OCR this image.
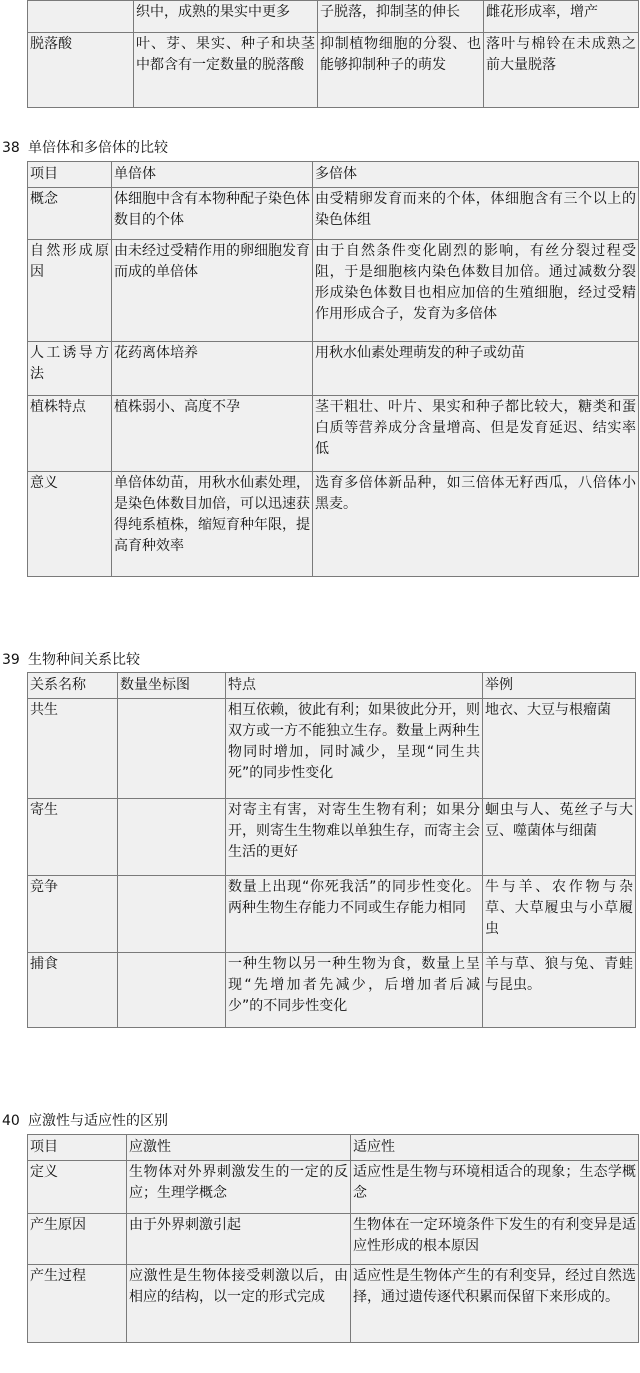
	织中，成熟的果实中更多	子脱落，抑制茎的伸长	雌花形成率，增产
脱落酸	叶、芽、果实、种子和块茎中都含有一定数量的脱落酸	抑制植物细胞的分裂、也能够抑制种子的萌发	落叶与棉铃在未成熟之前大量脱落
38 单倍体和多倍体的比较
项目	单倍体	多倍体
概念	体细胞中含有本物种配子染色体数目的个体	由受精卵发育而来的个体，体细胞含有三个以上的染色体组
自然形成原因	由未经过受精作用的卵细胞发育而成的单倍体	由于自然条件变化剧烈的影响，有丝分裂过程受阻，于是细胞核内染色体数目加倍。通过减数分裂形成染色体数目也相应加倍的生殖细胞，经过受精作用形成合子，发育为多倍体
人工诱导方法	花药离体培养	用秋水仙素处理萌发的种子或幼苗
植株特点	植株弱小、高度不孕	茎干粗壮、叶片、果实和种子都比较大，糖类和蛋白质等营养成分含量增高、但是发育延迟、结实率低
意义	单倍体幼苗，用秋水仙素处理，是染色体数目加倍，可以迅速获得纯系植株，缩短育种年限，提高育种效率	选育多倍体新品种，如三倍体无籽西瓜，八倍体小黑麦。
39 生物种间关系比较
关系名称	数量坐标图	特点	举例
共生		相互依赖，彼此有利；如果彼此分开，则双方或一方不能独立生存。数量上两种生物同时增加，同时减少，呈现“同生共死”的同步性变化	地衣、大豆与根瘤菌
寄生		对寄主有害，对寄生生物有利；如果分开，则寄生生物难以单独生存，而寄主会生活的更好	蛔虫与人、菟丝子与大豆、噬菌体与细菌
竞争		数量上出现“你死我活”的同步性变化。两种生物生存能力不同或生存能力相同	牛与羊、农作物与杂草、大草履虫与小草履虫
捕食		一种生物以另一种生物为食，数量上呈现“先增加者先减少，后增加者后减少”的不同步性变化	羊与草、狼与兔、青蛙与昆虫。
40 应激性与适应性的区别
项目	应激性	适应性
定义	生物体对外界刺激发生的一定的反应；生理学概念	适应性是生物与环境相适合的现象；生态学概念
产生原因	由于外界刺激引起	生物体在一定环境条件下发生的有利变异是适应性形成的根本原因
产生过程	应激性是生物体接受刺激以后，由相应的结构，以一定的形式完成	适应性是生物体产生的有利变异，经过自然选择，通过遗传逐代积累而保留下来形成的。
